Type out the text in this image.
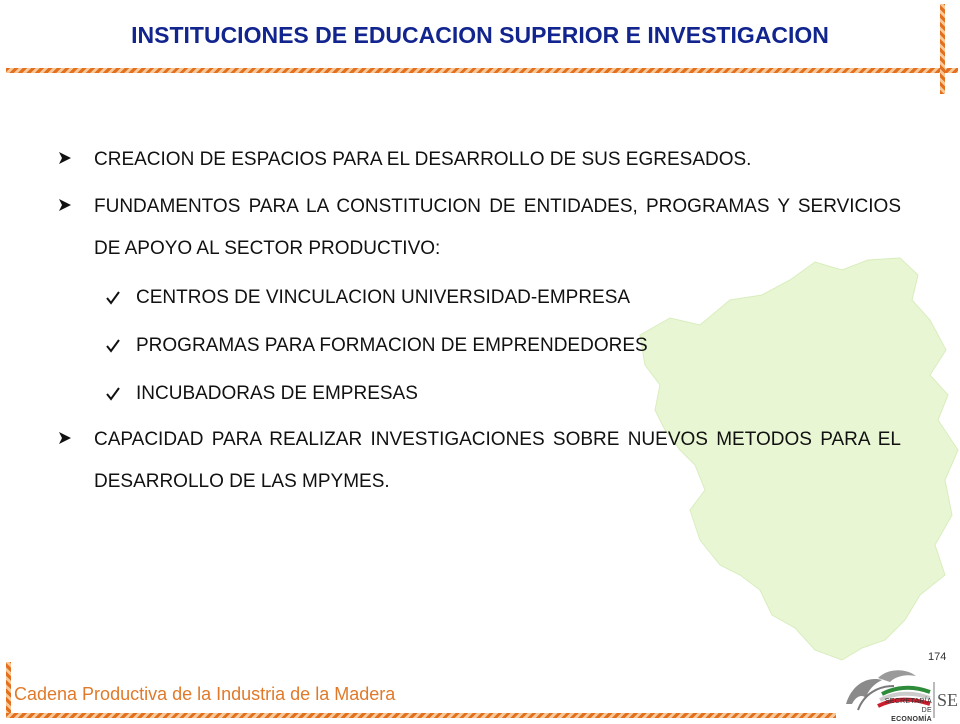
INSTITUCIONES DE EDUCACION SUPERIOR E INVESTIGACION
CREACION DE ESPACIOS PARA EL DESARROLLO DE SUS EGRESADOS.
FUNDAMENTOS PARA LA CONSTITUCION DE ENTIDADES, PROGRAMAS Y SERVICIOS DE APOYO AL SECTOR PRODUCTIVO:
CENTROS DE VINCULACION UNIVERSIDAD-EMPRESA
PROGRAMAS PARA FORMACION DE EMPRENDEDORES
INCUBADORAS DE EMPRESAS
CAPACIDAD PARA REALIZAR INVESTIGACIONES SOBRE NUEVOS METODOS PARA EL DESARROLLO DE LAS MPYMES.
174
Cadena Productiva de la Industria de la Madera	SECRETARÍA DE
ECONOMÍA
SE
